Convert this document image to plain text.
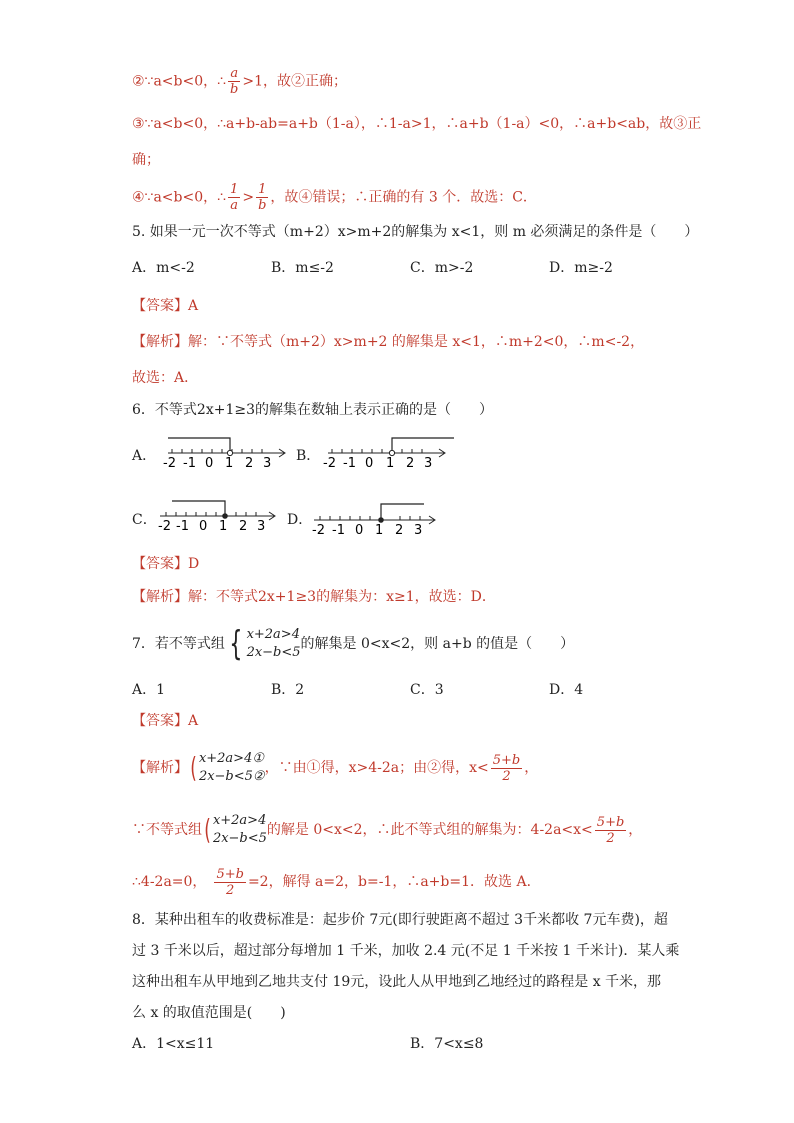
②∵a<b<0，∴ $\frac{a}{b} >1$，故②正确；
③∵a<b<0，∴a+b-ab=a+b（1-a），∴1-a>1，∴a+b（1-a）<0，∴a+b<ab，故③正
确；
④∵a<b<0，∴ $\frac{1}{a} > \frac{1}{b}$ ，故④错误；∴正确的有 3 个．故选：C．
5. 如果一元一次不等式（m+2）x>m+2的解集为 x<1，则 m 必须满足的条件是（　　）
A．m<-2	B．m≤-2	C．m>-2	D．m≥-2
【答案】A
【解析】解：∵不等式（m+2）x>m+2 的解集是 x<1，∴m+2<0，∴m<-2，
故选：A．
6．不等式2x+1≥3的解集在数轴上表示正确的是（　　）
A． -2 -1 0 1 2 3 B． -2 -1 0 1 2 3
C． -2 -1 0 1 2 3 D．
-2 -1 0 1 2 3
【答案】D
【解析】解：不等式2x+1≥3的解集为：x≥1，故选：D．
7．若不等式组 { x+2a>4
2x−b<5
的解集是 0<x<2，则 a+b 的值是（　　）
A．1	B．2	C．3	D．4
【答案】A
【解析】 ( x+2a>4①
2x−b<5②
，∵由①得，x>4-2a；由②得，$x< \frac{5+b}{2}$ ，
∵不等式组 ( x+2a>4
2x−b<5
的解是 0<x<2，∴此不等式组的解集为：$4-2a<x< \frac{5+b}{2}$ ，
∴4-2a=0， $\frac{5+b}{2} =2$，解得 a=2，b=-1，∴a+b=1．故选 A．
8．某种出租车的收费标准是：起步价 7元(即行驶距离不超过 3千米都收 7元车费)，超
过 3 千米以后，超过部分每增加 1 千米，加收 2.4 元(不足 1 千米按 1 千米计)．某人乘
这种出租车从甲地到乙地共支付 19元，设此人从甲地到乙地经过的路程是 x 千米，那
么 x 的取值范围是(　　)
A．1<x≤11	B．7<x≤8
